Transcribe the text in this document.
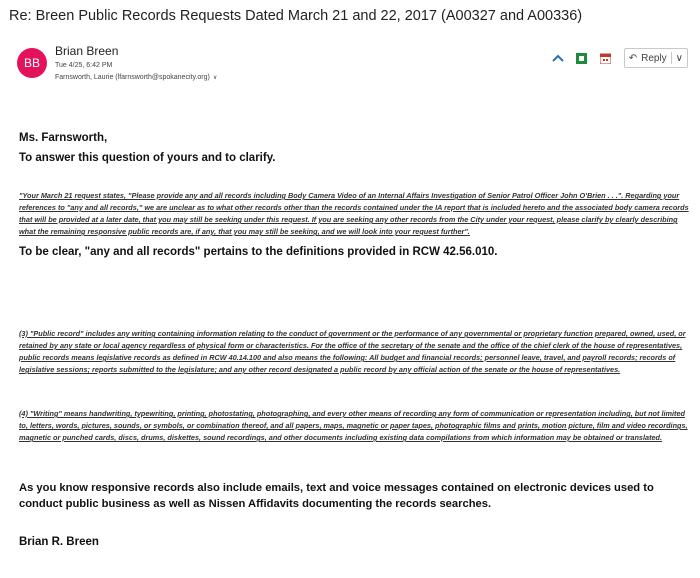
Re: Breen Public Records Requests Dated March 21 and 22, 2017 (A00327 and A00336)
BB
Brian Breen
Tue 4/25, 6:42 PM
Farnsworth, Laurie (lfarnsworth@spokanecity.org) ∨
↶ Reply ∨
Ms. Farnsworth,
To answer this question of yours and to clarify.
"Your March 21 request states, "Please provide any and all records including Body Camera Video of an Internal Affairs Investigation of Senior Patrol Officer John O'Brien . . .". Regarding your references to "any and all records," we are unclear as to what other records other than the records contained under the IA report that is included hereto and the associated body camera records that will be provided at a later date, that you may still be seeking under this request. If you are seeking any other records from the City under your request, please clarify by clearly describing what the remaining responsive public records are, if any, that you may still be seeking, and we will look into your request further".
To be clear, "any and all records" pertains to the definitions provided in RCW 42.56.010.
(3) "Public record" includes any writing containing information relating to the conduct of government or the performance of any governmental or proprietary function prepared, owned, used, or retained by any state or local agency regardless of physical form or characteristics. For the office of the secretary of the senate and the office of the chief clerk of the house of representatives, public records means legislative records as defined in RCW 40.14.100 and also means the following: All budget and financial records; personnel leave, travel, and payroll records; records of legislative sessions; reports submitted to the legislature; and any other record designated a public record by any official action of the senate or the house of representatives.
(4) "Writing" means handwriting, typewriting, printing, photostating, photographing, and every other means of recording any form of communication or representation including, but not limited to, letters, words, pictures, sounds, or symbols, or combination thereof, and all papers, maps, magnetic or paper tapes, photographic films and prints, motion picture, film and video recordings, magnetic or punched cards, discs, drums, diskettes, sound recordings, and other documents including existing data compilations from which information may be obtained or translated.
As you know responsive records also include emails, text and voice messages contained on electronic devices used to conduct public business as well as Nissen Affidavits documenting the records searches.
Brian R. Breen
